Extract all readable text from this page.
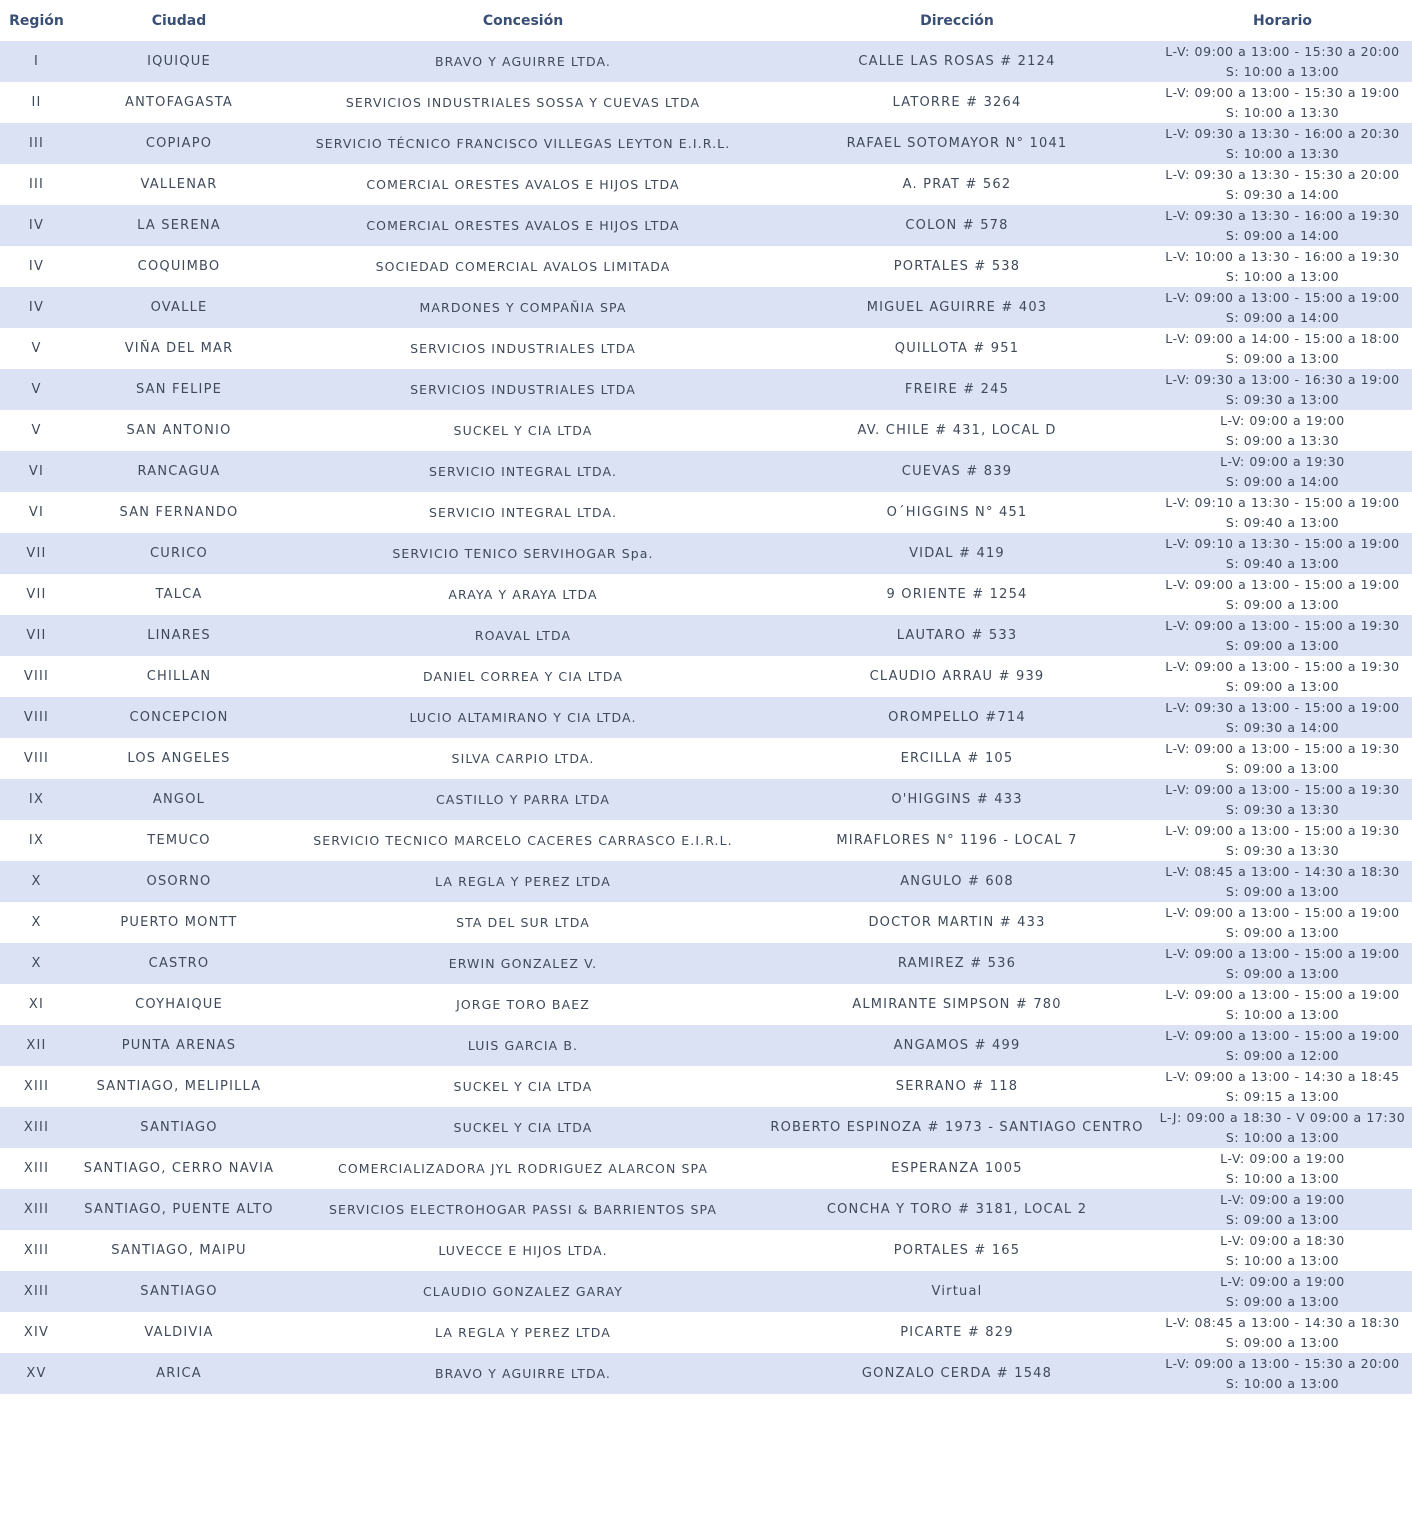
Región	Ciudad	Concesión	Dirección	Horario
I	IQUIQUE	BRAVO Y AGUIRRE LTDA.	CALLE LAS ROSAS # 2124	L-V: 09:00 a 13:00 - 15:30 a 20:00
S: 10:00 a 13:00

II	ANTOFAGASTA	SERVICIOS INDUSTRIALES SOSSA Y CUEVAS LTDA	LATORRE # 3264	L-V: 09:00 a 13:00 - 15:30 a 19:00
S: 10:00 a 13:30

III	COPIAPO	SERVICIO TÉCNICO FRANCISCO VILLEGAS LEYTON E.I.R.L.	RAFAEL SOTOMAYOR N° 1041	L-V: 09:30 a 13:30 - 16:00 a 20:30
S: 10:00 a 13:30

III	VALLENAR	COMERCIAL ORESTES AVALOS E HIJOS LTDA	A. PRAT # 562	L-V: 09:30 a 13:30 - 15:30 a 20:00
S: 09:30 a 14:00

IV	LA SERENA	COMERCIAL ORESTES AVALOS E HIJOS LTDA	COLON # 578	L-V: 09:30 a 13:30 - 16:00 a 19:30
S: 09:00 a 14:00

IV	COQUIMBO	SOCIEDAD COMERCIAL AVALOS LIMITADA	PORTALES # 538	L-V: 10:00 a 13:30 - 16:00 a 19:30
S: 10:00 a 13:00

IV	OVALLE	MARDONES Y COMPAÑIA SPA	MIGUEL AGUIRRE # 403	L-V: 09:00 a 13:00 - 15:00 a 19:00
S: 09:00 a 14:00

V	VIÑA DEL MAR	SERVICIOS INDUSTRIALES LTDA	QUILLOTA # 951	L-V: 09:00 a 14:00 - 15:00 a 18:00
S: 09:00 a 13:00

V	SAN FELIPE	SERVICIOS INDUSTRIALES LTDA	FREIRE # 245	L-V: 09:30 a 13:00 - 16:30 a 19:00
S: 09:30 a 13:00

V	SAN ANTONIO	SUCKEL Y CIA LTDA	AV. CHILE # 431, LOCAL D	L-V: 09:00 a 19:00
S: 09:00 a 13:30

VI	RANCAGUA	SERVICIO INTEGRAL LTDA.	CUEVAS # 839	L-V: 09:00 a 19:30
S: 09:00 a 14:00

VI	SAN FERNANDO	SERVICIO INTEGRAL LTDA.	O´HIGGINS N° 451	L-V: 09:10 a 13:30 - 15:00 a 19:00
S: 09:40 a 13:00

VII	CURICO	SERVICIO TENICO SERVIHOGAR Spa.	VIDAL # 419	L-V: 09:10 a 13:30 - 15:00 a 19:00
S: 09:40 a 13:00

VII	TALCA	ARAYA Y ARAYA LTDA	9 ORIENTE # 1254	L-V: 09:00 a 13:00 - 15:00 a 19:00
S: 09:00 a 13:00

VII	LINARES	ROAVAL LTDA	LAUTARO # 533	L-V: 09:00 a 13:00 - 15:00 a 19:30
S: 09:00 a 13:00

VIII	CHILLAN	DANIEL CORREA Y CIA LTDA	CLAUDIO ARRAU # 939	L-V: 09:00 a 13:00 - 15:00 a 19:30
S: 09:00 a 13:00

VIII	CONCEPCION	LUCIO ALTAMIRANO Y CIA LTDA.	OROMPELLO #714	L-V: 09:30 a 13:00 - 15:00 a 19:00
S: 09:30 a 14:00

VIII	LOS ANGELES	SILVA CARPIO LTDA.	ERCILLA # 105	L-V: 09:00 a 13:00 - 15:00 a 19:30
S: 09:00 a 13:00

IX	ANGOL	CASTILLO Y PARRA LTDA	O'HIGGINS # 433	L-V: 09:00 a 13:00 - 15:00 a 19:30
S: 09:30 a 13:30

IX	TEMUCO	SERVICIO TECNICO MARCELO CACERES CARRASCO E.I.R.L.	MIRAFLORES N° 1196 - LOCAL 7	L-V: 09:00 a 13:00 - 15:00 a 19:30
S: 09:30 a 13:30

X	OSORNO	LA REGLA Y PEREZ LTDA	ANGULO # 608	L-V: 08:45 a 13:00 - 14:30 a 18:30
S: 09:00 a 13:00

X	PUERTO MONTT	STA DEL SUR LTDA	DOCTOR MARTIN # 433	L-V: 09:00 a 13:00 - 15:00 a 19:00
S: 09:00 a 13:00

X	CASTRO	ERWIN GONZALEZ V.	RAMIREZ # 536	L-V: 09:00 a 13:00 - 15:00 a 19:00
S: 09:00 a 13:00

XI	COYHAIQUE	JORGE TORO BAEZ	ALMIRANTE SIMPSON # 780	L-V: 09:00 a 13:00 - 15:00 a 19:00
S: 10:00 a 13:00

XII	PUNTA ARENAS	LUIS GARCIA B.	ANGAMOS # 499	L-V: 09:00 a 13:00 - 15:00 a 19:00
S: 09:00 a 12:00

XIII	SANTIAGO, MELIPILLA	SUCKEL Y CIA LTDA	SERRANO # 118	L-V: 09:00 a 13:00 - 14:30 a 18:45
S: 09:15 a 13:00

XIII	SANTIAGO	SUCKEL Y CIA LTDA	ROBERTO ESPINOZA # 1973 - SANTIAGO CENTRO	L-J: 09:00 a 18:30 - V 09:00 a 17:30
S: 10:00 a 13:00

XIII	SANTIAGO, CERRO NAVIA	COMERCIALIZADORA JYL RODRIGUEZ ALARCON SPA	ESPERANZA 1005	L-V: 09:00 a 19:00
S: 10:00 a 13:00

XIII	SANTIAGO, PUENTE ALTO	SERVICIOS ELECTROHOGAR PASSI & BARRIENTOS SPA	CONCHA Y TORO # 3181, LOCAL 2	L-V: 09:00 a 19:00
S: 09:00 a 13:00

XIII	SANTIAGO, MAIPU	LUVECCE E HIJOS LTDA.	PORTALES # 165	L-V: 09:00 a 18:30
S: 10:00 a 13:00

XIII	SANTIAGO	CLAUDIO GONZALEZ GARAY	Virtual	L-V: 09:00 a 19:00
S: 09:00 a 13:00

XIV	VALDIVIA	LA REGLA Y PEREZ LTDA	PICARTE # 829	L-V: 08:45 a 13:00 - 14:30 a 18:30
S: 09:00 a 13:00

XV	ARICA	BRAVO Y AGUIRRE LTDA.	GONZALO CERDA # 1548	L-V: 09:00 a 13:00 - 15:30 a 20:00
S: 10:00 a 13:00
